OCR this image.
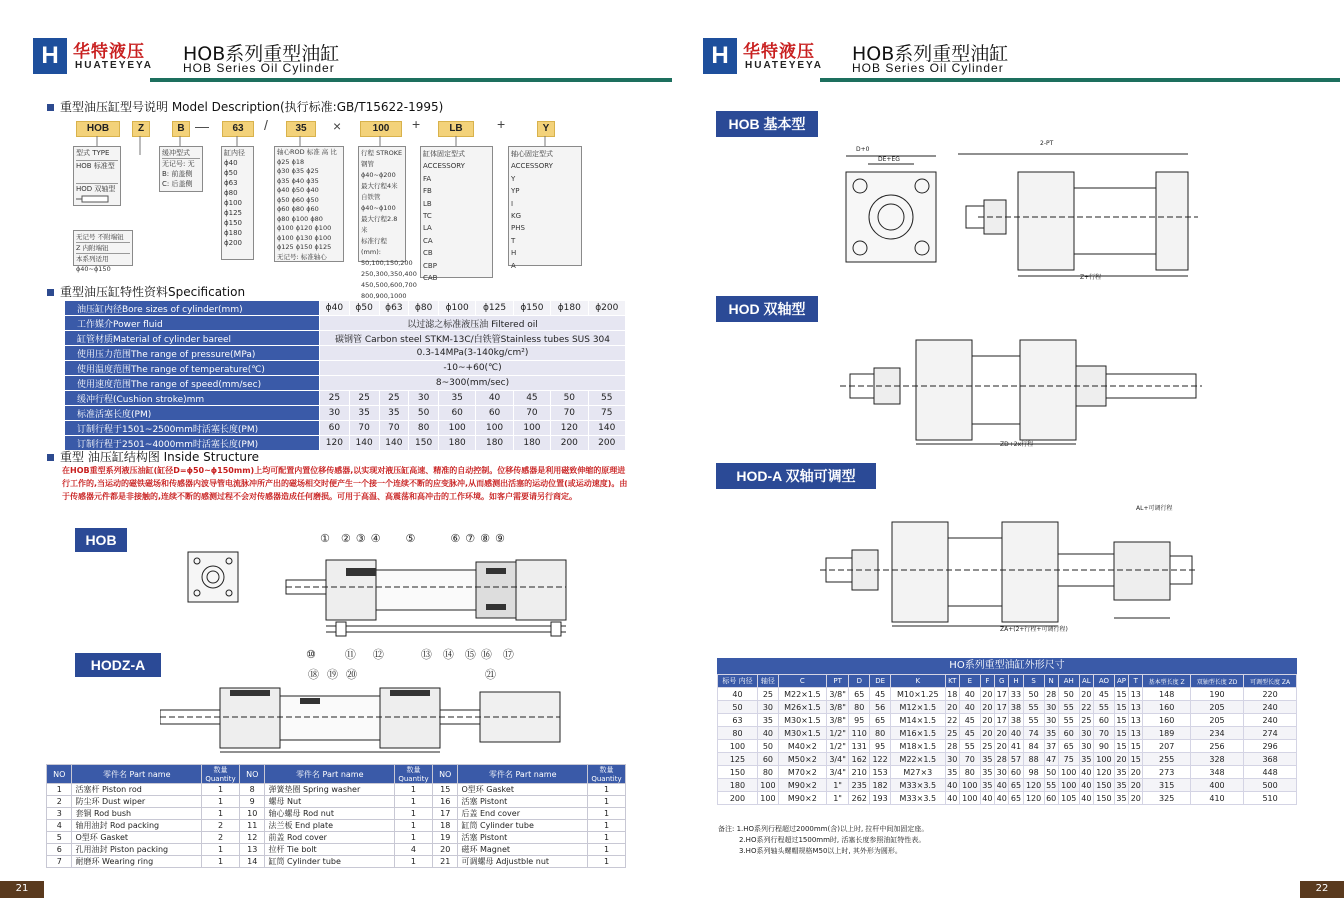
H 华特液压
HUATEYEYA
HOB系列重型油缸
HOB Series Oil Cylinder	H 华特液压
HUATEYEYA
HOB系列重型油缸
HOB Series Oil Cylinder
重型油压缸型号说明 Model Description(执行标准:GB/T15622-1995)
HOB	Z	B —	63	/	35	×	100	+	LB	+	Y
型式 TYPE
HOB 标准型
HOD 双轴型
缓冲型式
无记号: 无
B: 前盖侧
C: 后盖侧
缸内径
ϕ40
ϕ50
ϕ63
ϕ80
ϕ100
ϕ125
ϕ150
ϕ180
ϕ200
轴心ROD 标准 高 比
ϕ25 ϕ18
ϕ30 ϕ35 ϕ25
ϕ35 ϕ40 ϕ35
ϕ40 ϕ50 ϕ40
ϕ50 ϕ60 ϕ50
ϕ60 ϕ80 ϕ60
ϕ80 ϕ100 ϕ80
ϕ100 ϕ120 ϕ100
ϕ100 ϕ130 ϕ100
ϕ125 ϕ150 ϕ125
无记号: 标准轴心
行程 STROKE
钢管ϕ40~ϕ200
最大行程4米
自铁管ϕ40~ϕ100
最大行程2.8米
标准行程(mm):
50,100,150,200
250,300,350,400
450,500,600,700
800,900,1000
缸体固定型式 ACCESSORY
FA
FB
LB
TC
LA
CA
CB
CBP
CAB
轴心固定型式 ACCESSORY
Y
YP
I
KG
PHS
T
H
A
无记号 不附端钮
Z 内附端钮
本系列适用ϕ40~ϕ150
重型油压缸特性资料Specification
油压缸内径Bore sizes of cylinder(mm)	ϕ40	ϕ50	ϕ63	ϕ80	ϕ100	ϕ125	ϕ150	ϕ180	ϕ200
工作媒介Power fluid	以过滤之标准液压油 Filtered oil								
缸管材质Material of cylinder bareel	碳钢管 Carbon steel STKM-13C/白铁管Stainless tubes SUS 304								
使用压力范围The range of pressure(MPa)	0.3-14MPa(3-140kg/cm²)								
使用温度范围The range of temperature(℃)	-10~+60(℃)								
使用速度范围The range of speed(mm/sec)	8~300(mm/sec)								
缓冲行程(Cushion stroke)mm	25	25	25	30	35	40	45	50	55
标准活塞长度(PM)	30	35	35	50	60	60	70	70	75
订制行程于1501~2500mm时活塞长度(PM)	60	70	70	80	100	100	100	120	140
订制行程于2501~4000mm时活塞长度(PM)	120	140	140	150	180	180	180	200	200
重型 油压缸结构图 Inside Structure
在HOB重型系列液压油缸(缸径D=ϕ50~ϕ150mm)上均可配置内置位移传感器,以实现对液压缸高速、精准的自动控制。位移传感器是利用磁致伸缩的原理进行工作的,当运动的磁铁磁场和传感器内波导管电流脉冲所产出的磁场相交时便产生一个接一个连续不断的应变脉冲,从而感测出活塞的运动位置(或运动速度)。由于传感器元件都是非接触的,连续不断的感测过程不会对传感器造成任何磨损。可用于高温、高震荡和高冲击的工作环境。如客户需要请另行商定。
HOB
HODZ-A
① ②③④ ⑤	⑥⑦⑧⑨
⑩ ⑪ ⑫	⑬ ⑭ ⑮⑯ ⑰
⑱⑲⑳	㉑
NO	零件名 Part name	数量 Quantity	NO	零件名 Part name	数量 Quantity	NO	零件名 Part name	数量 Quantity
1	活塞杆 Piston rod	1	8	弹簧垫圈 Spring washer	1	15	O型环 Gasket	1
2	防尘环 Dust wiper	1	9	螺母 Nut	1	16	活塞 Pistont	1
3	套铜 Rod bush	1	10	轴心螺母 Rod nut	1	17	后盖 End cover	1
4	轴用油封 Rod packing	2	11	法兰板 End plate	1	18	缸筒 Cylinder tube	1
5	O型环 Gasket	2	12	前盖 Rod cover	1	19	活塞 Pistont	1
6	孔用油封 Piston packing	1	13	拉杆 Tie bolt	4	20	磁环 Magnet	1
7	耐磨环 Wearing ring	1	14	缸筒 Cylinder tube	1	21	可调螺母 Adjustble nut	1
21
HOB 基本型
D+0
DE+EG
2-PT
Z+行程
HOD 双轴型
ZD+2x行程
HOD-A 双轴可调型
AL+可调行程
ZA+(2+行程+可调行程)
HO系列重型油缸外形尺寸
标号 内径	轴径	C	PT	D	DE	K	KT	E	F	G	H	S	N	AH	AL	AO	AP	T	基本型长度 Z	双轴型长度 ZD	可调型长度 ZA
40	25	M22×1.5	3/8"	65	45	M10×1.25	18	40	20	17	33	50	28	50	20	45	15	13	148	190	220
50	30	M26×1.5	3/8"	80	56	M12×1.5	20	40	20	17	38	55	30	55	22	55	15	13	160	205	240
63	35	M30×1.5	3/8"	95	65	M14×1.5	22	45	20	17	38	55	30	55	25	60	15	13	160	205	240
80	40	M30×1.5	1/2"	110	80	M16×1.5	25	45	20	20	40	74	35	60	30	70	15	13	189	234	274
100	50	M40×2	1/2"	131	95	M18×1.5	28	55	25	20	41	84	37	65	30	90	15	15	207	256	296
125	60	M50×2	3/4"	162	122	M22×1.5	30	70	35	28	57	88	47	75	35	100	20	15	255	328	368
150	80	M70×2	3/4"	210	153	M27×3	35	80	35	30	60	98	50	100	40	120	35	20	273	348	448
180	100	M90×2	1"	235	182	M33×3.5	40	100	35	40	65	120	55	100	40	150	35	20	315	400	500
200	100	M90×2	1"	262	193	M33×3.5	40	100	40	40	65	120	60	105	40	150	35	20	325	410	510
备注: 1.HO系列行程超过2000mm(含)以上时, 拉杆中间加固定座。
2.HO系列行程超过1500mm时, 活塞长度参照油缸特性表。
3.HO系列轴头螺帽规格M50以上时, 其外形为圆形。
22
